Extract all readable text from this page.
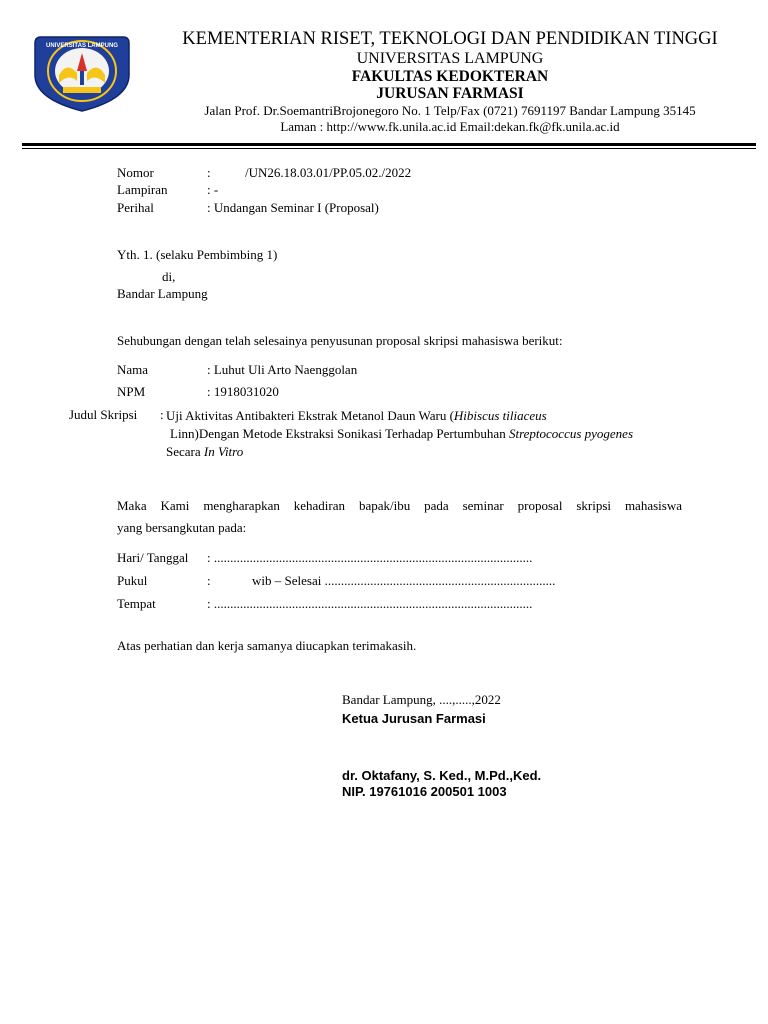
UNIVERSITAS LAMPUNG	KEMENTERIAN RISET, TEKNOLOGI DAN PENDIDIKAN TINGGI
UNIVERSITAS LAMPUNG
FAKULTAS KEDOKTERAN
JURUSAN FARMASI
Jalan Prof. Dr.SoemantriBrojonegoro No. 1 Telp/Fax (0721) 7691197 Bandar Lampung 35145
Laman : http://www.fk.unila.ac.id Email:dekan.fk@fk.unila.ac.id
Nomor	:	/UN26.18.03.01/PP.05.02./2022
Lampiran	: -
Perihal	: Undangan Seminar I (Proposal)
Yth. 1. (selaku Pembimbing 1)
di,
Bandar Lampung
Sehubungan dengan telah selesainya penyusunan proposal skripsi mahasiswa berikut:
Nama	: Luhut Uli Arto Naenggolan
NPM	: 1918031020
Judul Skripsi : Uji Aktivitas Antibakteri Ekstrak Metanol Daun Waru (Hibiscus tiliaceus
Linn)Dengan Metode Ekstraksi Sonikasi Terhadap Pertumbuhan Streptococcus pyogenes Secara In Vitro
Maka Kami mengharapkan kehadiran bapak/ibu pada seminar proposal skripsi mahasiswa
yang bersangkutan pada:
Hari/ Tanggal : ..................................................................................................
Pukul	:	wib – Selesai .......................................................................
Tempat	: ..................................................................................................
Atas perhatian dan kerja samanya diucapkan terimakasih.
Bandar Lampung, ....,.....,2022
Ketua Jurusan Farmasi
dr. Oktafany, S. Ked., M.Pd.,Ked.
NIP. 19761016 200501 1003
